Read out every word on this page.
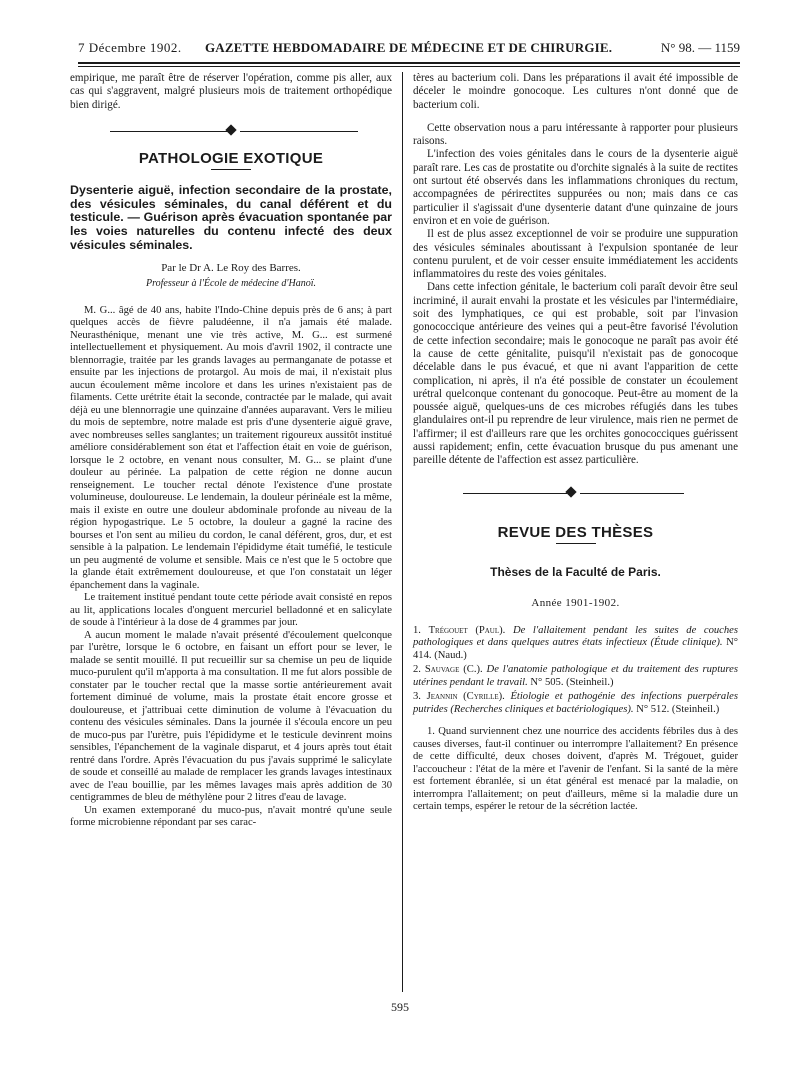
7 Décembre 1902. GAZETTE HEBDOMADAIRE DE MÉDECINE ET DE CHIRURGIE.	N° 98. — 1159

empirique, me paraît être de réserver l'opération, comme pis aller, aux cas qui s'aggravent, malgré plusieurs mois de traitement orthopédique bien dirigé.

PATHOLOGIE EXOTIQUE
Dysenterie aiguë, infection secondaire de la prostate, des vésicules séminales, du canal déférent et du testicule. — Guérison après évacuation spontanée par les voies naturelles du contenu infecté des deux vésicules séminales.
Par le Dr A. Le Roy des Barres.
Professeur à l'École de médecine d'Hanoï.

M. G... âgé de 40 ans, habite l'Indo-Chine depuis près de 6 ans; à part quelques accès de fièvre paludéenne, il n'a jamais été malade. Neurasthénique, menant une vie très active, M. G... est surmené intellectuellement et physiquement. Au mois d'avril 1902, il contracte une blennorragie, traitée par les grands lavages au permanganate de potasse et ensuite par les injections de protargol. Au mois de mai, il n'existait plus aucun écoulement même incolore et dans les urines n'existaient pas de filaments. Cette urétrite était la seconde, contractée par le malade, qui avait déjà eu une blennorragie une quinzaine d'années auparavant. Vers le milieu du mois de septembre, notre malade est pris d'une dysenterie aiguë grave, avec nombreuses selles sanglantes; un traitement rigoureux aussitôt institué améliore considérablement son état et l'affection était en voie de guérison, lorsque le 2 octobre, en venant nous consulter, M. G... se plaint d'une douleur au périnée. La palpation de cette région ne donne aucun renseignement. Le toucher rectal dénote l'existence d'une prostate volumineuse, douloureuse. Le lendemain, la douleur périnéale est la même, mais il existe en outre une douleur abdominale profonde au niveau de la région hypogastrique. Le 5 octobre, la douleur a gagné la racine des bourses et l'on sent au milieu du cordon, le canal déférent, gros, dur, et est sensible à la palpation. Le lendemain l'épididyme était tuméfié, le testicule un peu augmenté de volume et sensible. Mais ce n'est que le 5 octobre que la glande était extrêmement douloureuse, et que l'on constatait un léger épanchement dans la vaginale.

Le traitement institué pendant toute cette période avait consisté en repos au lit, applications locales d'onguent mercuriel belladonné et en salicylate de soude à l'intérieur à la dose de 4 grammes par jour.

A aucun moment le malade n'avait présenté d'écoulement quelconque par l'urètre, lorsque le 6 octobre, en faisant un effort pour se lever, le malade se sentit mouillé. Il put recueillir sur sa chemise un peu de liquide muco-purulent qu'il m'apporta à ma consultation. Il me fut alors possible de constater par le toucher rectal que la masse sortie antérieurement avait fortement diminué de volume, mais la prostate était encore grosse et douloureuse, et j'attribuai cette diminution de volume à l'évacuation du contenu des vésicules séminales. Dans la journée il s'écoula encore un peu de muco-pus par l'urètre, puis l'épididyme et le testicule devinrent moins sensibles, l'épanchement de la vaginale disparut, et 4 jours après tout était rentré dans l'ordre. Après l'évacuation du pus j'avais supprimé le salicylate de soude et conseillé au malade de remplacer les grands lavages intestinaux avec de l'eau bouillie, par les mêmes lavages mais après addition de 30 centigrammes de bleu de méthylène pour 2 litres d'eau de lavage.

Un examen extemporané du muco-pus, n'avait montré qu'une seule forme microbienne répondant par ses carac-

tères au bacterium coli. Dans les préparations il avait été impossible de déceler le moindre gonocoque. Les cultures n'ont donné que de bacterium coli.

Cette observation nous a paru intéressante à rapporter pour plusieurs raisons.

L'infection des voies génitales dans le cours de la dysenterie aiguë paraît rare. Les cas de prostatite ou d'orchite signalés à la suite de rectites ont surtout été observés dans les inflammations chroniques du rectum, accompagnées de périrectites suppurées ou non; mais dans ce cas particulier il s'agissait d'une dysenterie datant d'une quinzaine de jours environ et en voie de guérison.

Il est de plus assez exceptionnel de voir se produire une suppuration des vésicules séminales aboutissant à l'expulsion spontanée de leur contenu purulent, et de voir cesser ensuite immédiatement les accidents inflammatoires du reste des voies génitales.

Dans cette infection génitale, le bacterium coli paraît devoir être seul incriminé, il aurait envahi la prostate et les vésicules par l'intermédiaire, soit des lymphatiques, ce qui est probable, soit par l'invasion gonococcique antérieure des veines qui a peut-être favorisé l'évolution de cette infection secondaire; mais le gonocoque ne paraît pas avoir été la cause de cette génitalite, puisqu'il n'existait pas de gonocoque décelable dans le pus évacué, et que ni avant l'apparition de cette complication, ni après, il n'a été possible de constater un écoulement urétral quelconque contenant du gonocoque. Peut-être au moment de la poussée aiguë, quelques-uns de ces microbes réfugiés dans les tubes glandulaires ont-il pu reprendre de leur virulence, mais rien ne permet de l'affirmer; il est d'ailleurs rare que les orchites gonococciques guérissent aussi rapidement; enfin, cette évacuation brusque du pus amenant une pareille détente de l'affection est assez particulière.

REVUE DES THÈSES
Thèses de la Faculté de Paris.
Année 1901-1902.

1. Trégouet (Paul). De l'allaitement pendant les suites de couches pathologiques et dans quelques autres états infectieux (Étude clinique). N° 414. (Naud.)

2. Sauvage (C.). De l'anatomie pathologique et du traitement des ruptures utérines pendant le travail. N° 505. (Steinheil.)

3. Jeannin (Cyrille). Étiologie et pathogénie des infections puerpérales putrides (Recherches cliniques et bactériologiques). N° 512. (Steinheil.)

1. Quand surviennent chez une nourrice des accidents fébriles dus à des causes diverses, faut-il continuer ou interrompre l'allaitement? En présence de cette difficulté, deux choses doivent, d'après M. Trégouet, guider l'accoucheur : l'état de la mère et l'avenir de l'enfant. Si la santé de la mère est fortement ébranlée, si un état général est menacé par la maladie, on interrompra l'allaitement; on peut d'ailleurs, même si la maladie dure un certain temps, espérer le retour de la sécrétion lactée.

595
